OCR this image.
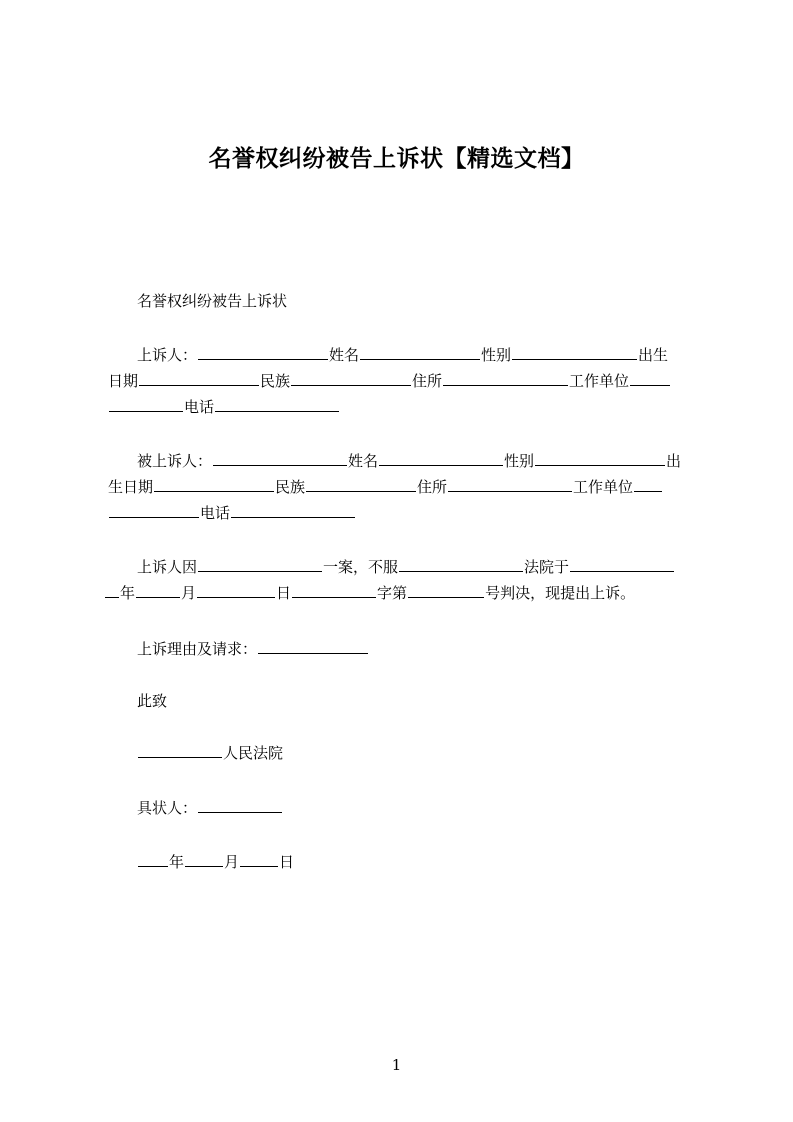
名誉权纠纷被告上诉状【精选文档】
名誉权纠纷被告上诉状
上诉人：	姓名	性别	出生
日期	民族	住所	工作单位
电话
被上诉人：	姓名	性别	出
生日期	民族	住所	工作单位
电话
上诉人因	一案，不服	法院于
年	月	日	字第	号判决，现提出上诉。
上诉理由及请求：
此致
人民法院
具状人：
年	月	日
1
